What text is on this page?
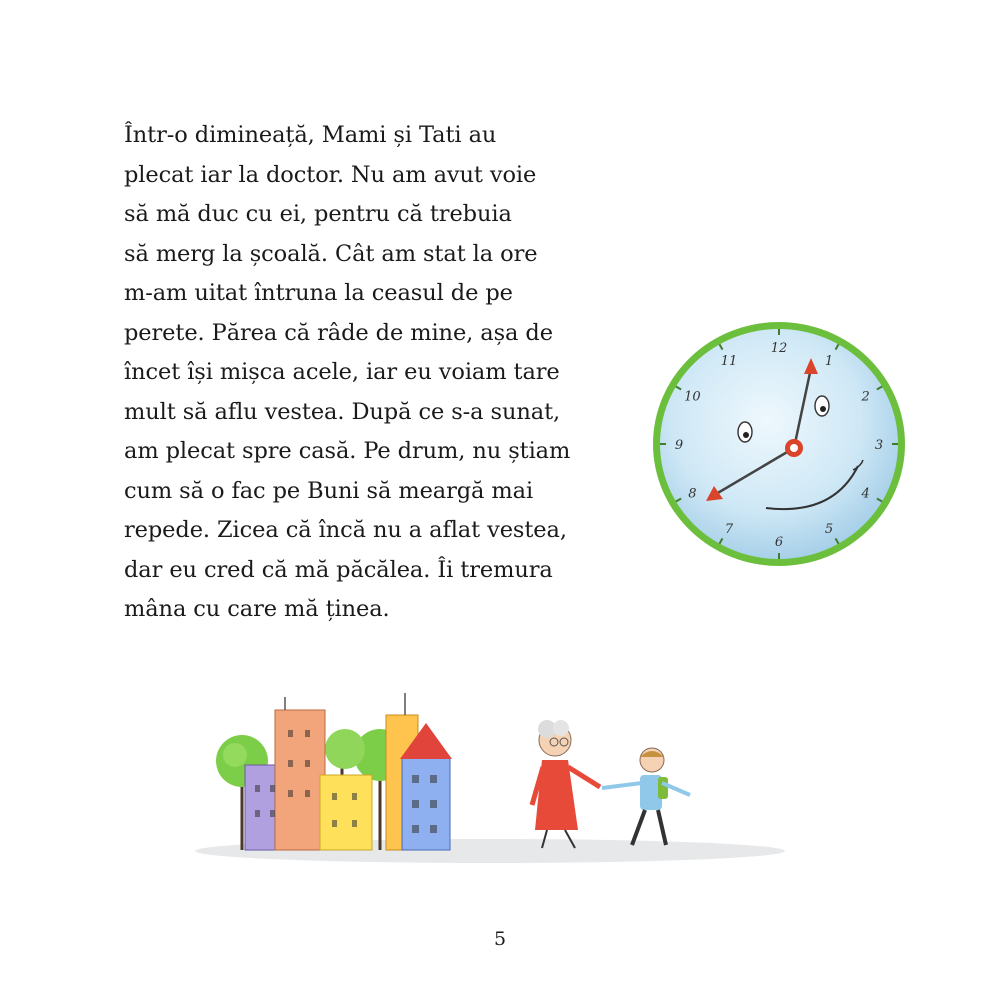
Într-o dimineață, Mami și Tati au
plecat iar la doctor. Nu am avut voie
să mă duc cu ei, pentru că trebuia
să merg la școală. Cât am stat la ore
m-am uitat întruna la ceasul de pe
perete. Părea că râde de mine, așa de
încet își mișca acele, iar eu voiam tare
mult să aflu vestea. După ce s-a sunat,
am plecat spre casă. Pe drum, nu știam
cum să o fac pe Buni să meargă mai
repede. Zicea că încă nu a aflat vestea,
dar eu cred că mă păcălea. Îi tremura
mâna cu care mă ținea.
12
1
2
3
4
5
6
7
8
9
10
11
5
